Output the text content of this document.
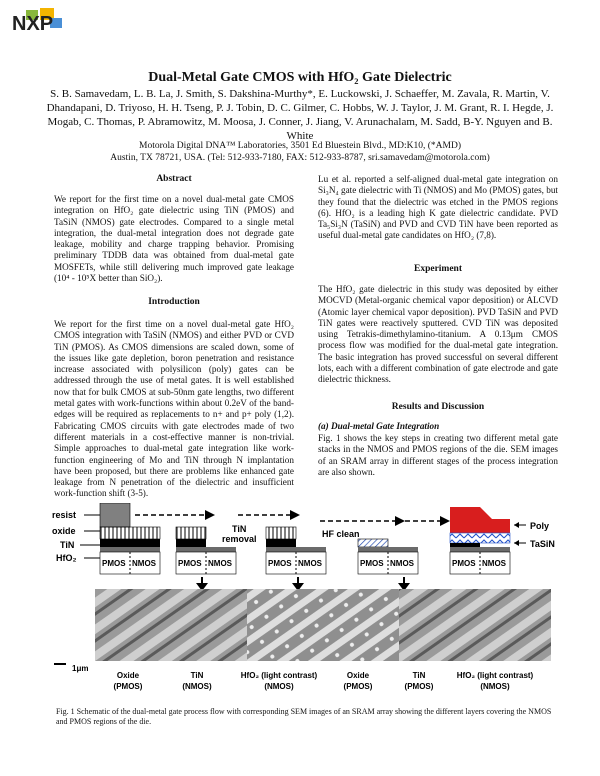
NXP
Dual-Metal Gate CMOS with HfO₂ Gate Dielectric
S. B. Samavedam, L. B. La, J. Smith, S. Dakshina-Murthy*, E. Luckowski, J. Schaeffer, M. Zavala, R. Martin, V. Dhandapani, D. Triyoso, H. H. Tseng, P. J. Tobin, D. C. Gilmer, C. Hobbs, W. J. Taylor, J. M. Grant, R. I. Hegde, J. Mogab, C. Thomas, P. Abramowitz, M. Moosa, J. Conner, J. Jiang, V. Arunachalam, M. Sadd, B-Y. Nguyen and B. White
Motorola Digital DNA™ Laboratories, 3501 Ed Bluestein Blvd., MD:K10, (*AMD)
Austin, TX 78721, USA. (Tel: 512-933-7180, FAX: 512-933-8787, sri.samavedam@motorola.com)
Abstract

We report for the first time on a novel dual-metal gate CMOS integration on HfO₂ gate dielectric using TiN (PMOS) and TaSiN (NMOS) gate electrodes. Compared to a single metal integration, the dual-metal integration does not degrade gate leakage, mobility and charge trapping behavior. Promising preliminary TDDB data was obtained from dual-metal gate MOSFETs, while still delivering much improved gate leakage (10⁴ - 10⁵X better than SiO₂).

Introduction

We report for the first time on a novel dual-metal gate HfO₂ CMOS integration with TaSiN (NMOS) and either PVD or CVD TiN (PMOS). As CMOS dimensions are scaled down, some of the issues like gate depletion, boron penetration and resistance increase associated with polysilicon (poly) gates can be addressed through the use of metal gates. It is well established now that for bulk CMOS at sub-50nm gate lengths, two different metal gates with work-functions within about 0.2eV of the band-edges will be required as replacements to n+ and p+ poly (1,2). Fabricating CMOS circuits with gate electrodes made of two different materials in a cost-effective manner is non-trivial. Simple approaches to dual-metal gate integration like work-function engineering of Mo and TiN through N implantation have been proposed, but there are problems like enhanced gate leakage from N penetration of the dielectric and insufficient work-function shift (3-5).

Lu et al. reported a self-aligned dual-metal gate integration on Si₃N₄ gate dielectric with Ti (NMOS) and Mo (PMOS) gates, but they found that the dielectric was etched in the PMOS regions (6). HfO₂ is a leading high K gate dielectric candidate. PVD Ta₅Si₃N (TaSiN) and PVD and CVD TiN have been reported as useful dual-metal gate candidates on HfO₂ (7,8).

Experiment

The HfO₂ gate dielectric in this study was deposited by either MOCVD (Metal-organic chemical vapor deposition) or ALCVD (Atomic layer chemical vapor deposition). PVD TaSiN and PVD TiN gates were reactively sputtered. CVD TiN was deposited using Tetrakis-dimethylamino-titanium. A 0.13μm CMOS process flow was modified for the dual-metal gate integration. The basic integration has proved successful on several different lots, each with a different combination of gate electrode and gate dielectric thickness.

Results and Discussion
(a) Dual-metal Gate Integration

Fig. 1 shows the key steps in creating two different metal gate stacks in the NMOS and PMOS regions of the die. SEM images of an SRAM array in different stages of the process integration are also shown.

resist
oxide
TiN
HfO₂
PMOS NMOS	PMOS NMOS
TiN
removal
PMOS NMOS
HF clean
PMOS NMOS	PMOS NMOS
Poly
TaSiN
1μm
Oxide
(PMOS)
TiN
(NMOS)
HfO₂ (light contrast)
(NMOS)
Oxide
(PMOS)
TiN
(PMOS)
HfO₂ (light contrast)
(NMOS)
Fig. 1 Schematic of the dual-metal gate process flow with corresponding SEM images of an SRAM array showing the different layers covering the NMOS and PMOS regions of the die.
